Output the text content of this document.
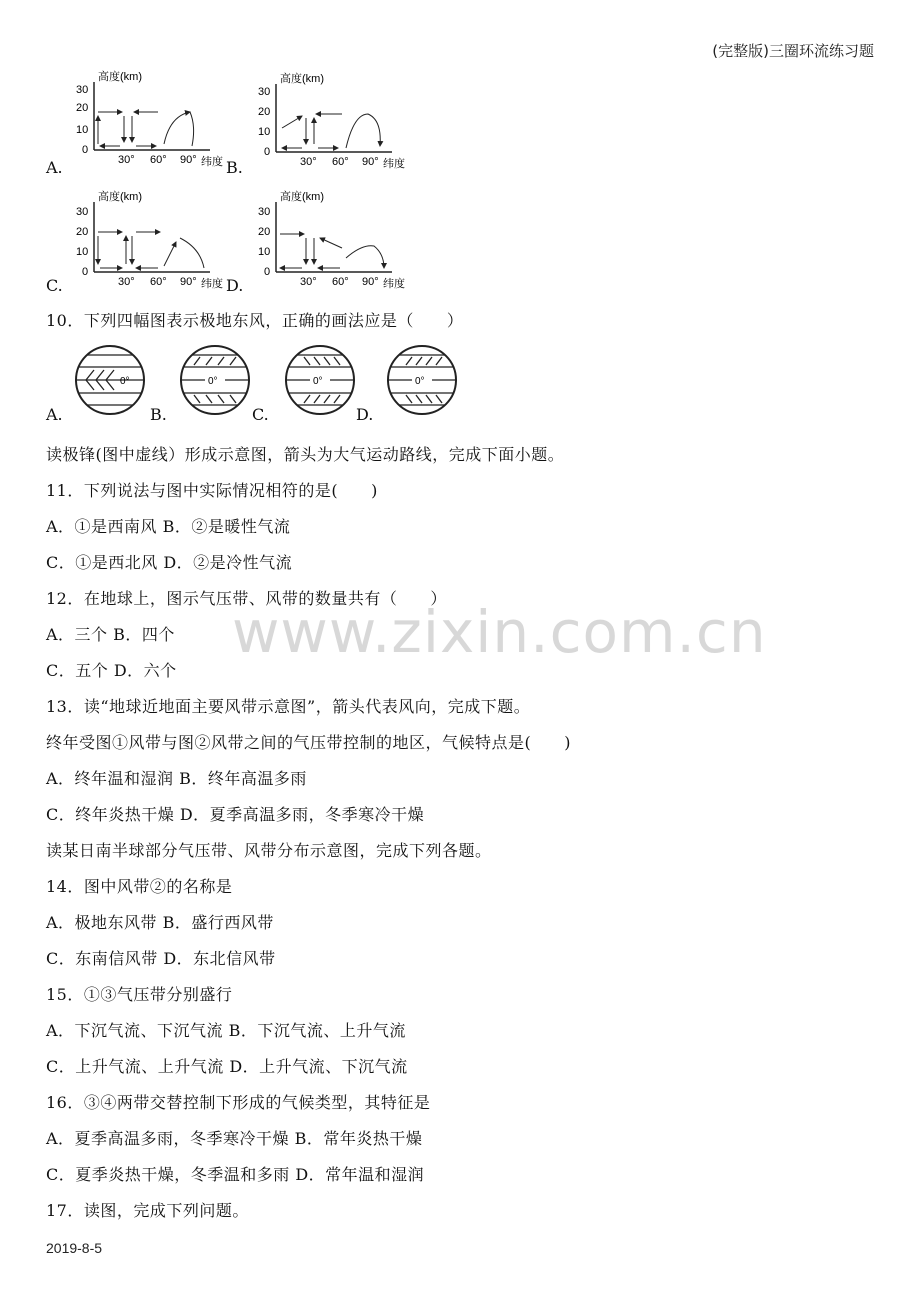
(完整版)三圈环流练习题
高度(km)
30
20
10
0
30° 60° 90° 纬度
高度(km)
30
20
10
0
30° 60° 90° 纬度
高度(km)
30
20
10
0
30° 60° 90° 纬度
高度(km)
30
20
10
0
30° 60° 90° 纬度
A.	B.
C.	D.
10．下列四幅图表示极地东风，正确的画法应是（　　）
0°	0°	0°	0°
A.	B.	C.	D.
www.zixin.com.cn
读极锋(图中虚线）形成示意图，箭头为大气运动路线，完成下面小题。
11．下列说法与图中实际情况相符的是(　　)
A．①是西南风 B．②是暖性气流
C．①是西北风 D．②是冷性气流
12．在地球上，图示气压带、风带的数量共有（　　）
A．三个 B．四个
C．五个 D．六个
13．读“地球近地面主要风带示意图”，箭头代表风向，完成下题。
终年受图①风带与图②风带之间的气压带控制的地区，气候特点是(　　)
A．终年温和湿润 B．终年高温多雨
C．终年炎热干燥 D．夏季高温多雨，冬季寒冷干燥
读某日南半球部分气压带、风带分布示意图，完成下列各题。
14．图中风带②的名称是
A．极地东风带 B．盛行西风带
C．东南信风带 D．东北信风带
15．①③气压带分别盛行
A．下沉气流、下沉气流 B．下沉气流、上升气流
C．上升气流、上升气流 D．上升气流、下沉气流
16．③④两带交替控制下形成的气候类型，其特征是
A．夏季高温多雨，冬季寒冷干燥 B．常年炎热干燥
C．夏季炎热干燥，冬季温和多雨 D．常年温和湿润
17．读图，完成下列问题。
2019-8-5
